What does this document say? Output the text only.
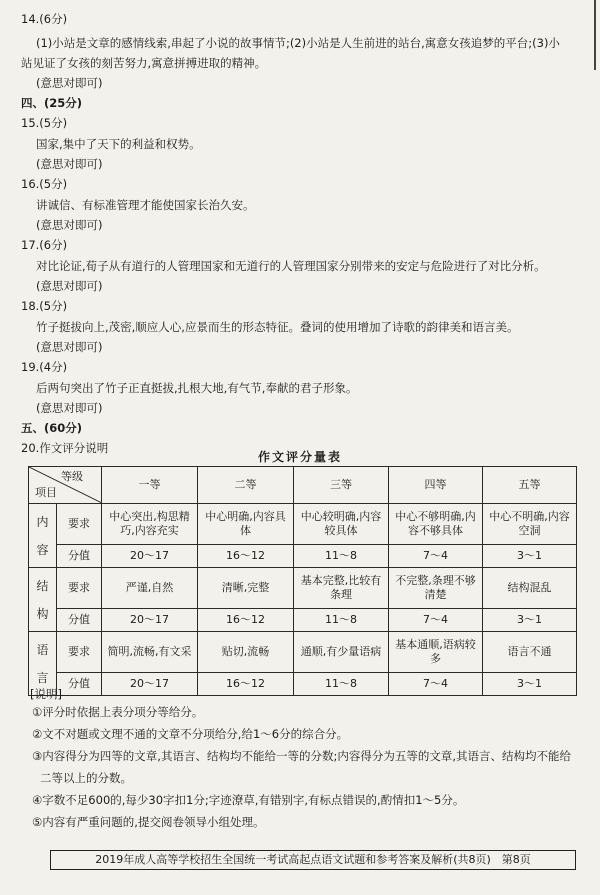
14.(6分)
(1)小站是文章的感情线索,串起了小说的故事情节;(2)小站是人生前进的站台,寓意女孩追梦的平台;(3)小
站见证了女孩的刻苦努力,寓意拼搏进取的精神。
(意思对即可)
四、(25分)
15.(5分)
国家,集中了天下的利益和权势。
(意思对即可)
16.(5分)
讲诚信、有标准管理才能使国家长治久安。
(意思对即可)
17.(6分)
对比论证,荀子从有道行的人管理国家和无道行的人管理国家分别带来的安定与危险进行了对比分析。
(意思对即可)
18.(5分)
竹子挺拔向上,茂密,顺应人心,应景而生的形态特征。叠词的使用增加了诗歌的韵律美和语言美。
(意思对即可)
19.(4分)
后两句突出了竹子正直挺拔,扎根大地,有气节,奉献的君子形象。
(意思对即可)
五、(60分)
20.作文评分说明
作文评分量表
等级
项目		一等	二等	三等	四等	五等
内

容	要求	中心突出,构思精巧,内容充实	中心明确,内容具体	中心较明确,内容较具体	中心不够明确,内容不够具体	中心不明确,内容空洞
	分值	20～17	16～12	11～8	7～4	3～1
结

构	要求	严谨,自然	清晰,完整	基本完整,比较有条理	不完整,条理不够清楚	结构混乱
	分值	20～17	16～12	11～8	7～4	3～1
语

言	要求	简明,流畅,有文采	贴切,流畅	通顺,有少量语病	基本通顺,语病较多	语言不通
	分值	20～17	16～12	11～8	7～4	3～1
[说明]
①评分时依据上表分项分等给分。
②文不对题或文理不通的文章不分项给分,给1～6分的综合分。
③内容得分为四等的文章,其语言、结构均不能给一等的分数;内容得分为五等的文章,其语言、结构均不能给
二等以上的分数。
④字数不足600的,每少30字扣1分;字迹潦草,有错别字,有标点错误的,酌情扣1～5分。
⑤内容有严重问题的,提交阅卷领导小组处理。
2019年成人高等学校招生全国统一考试高起点语文试题和参考答案及解析(共8页)　第8页
